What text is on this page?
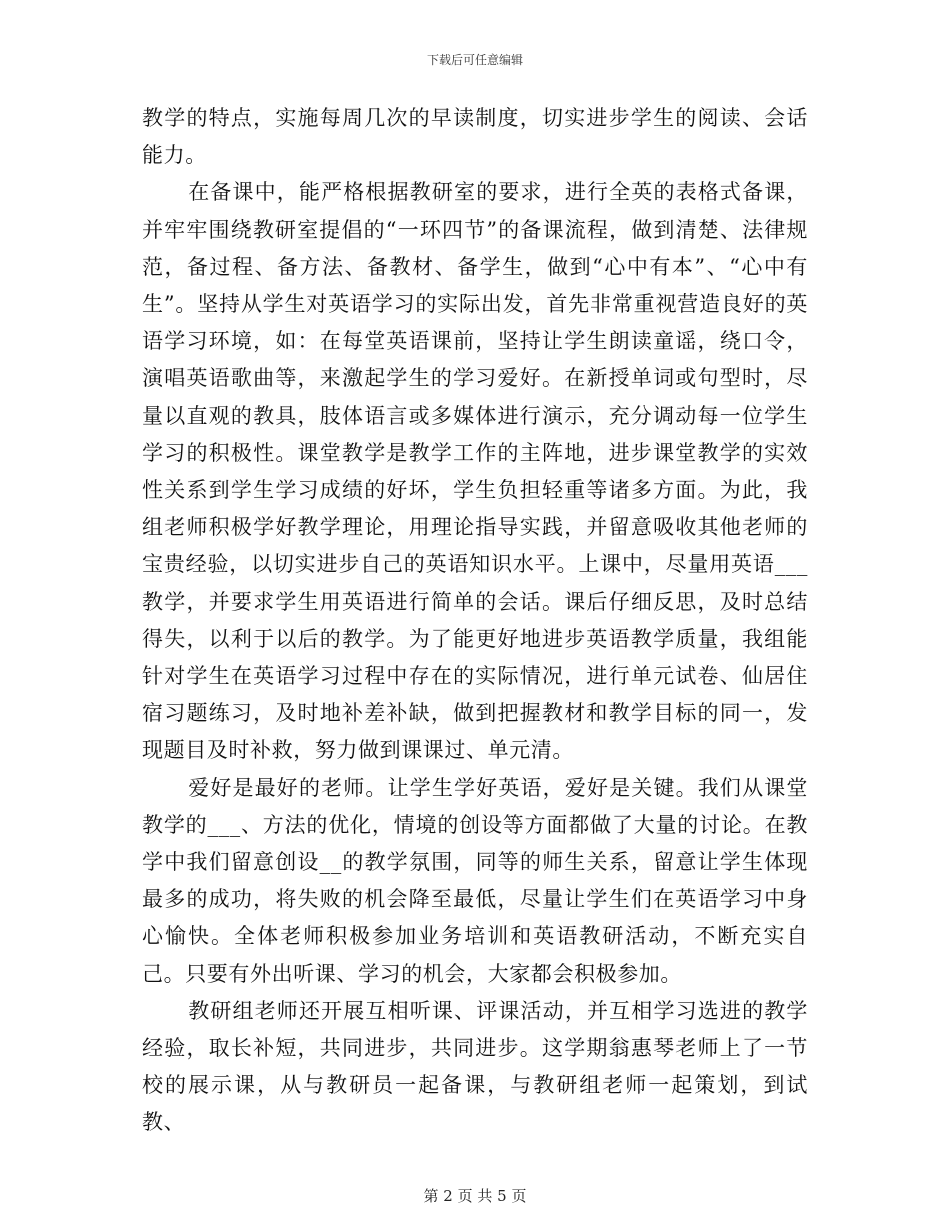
下载后可任意编辑

教学的特点，实施每周几次的早读制度，切实进步学生的阅读、会话能力。

在备课中，能严格根据教研室的要求，进行全英的表格式备课，并牢牢围绕教研室提倡的“一环四节”的备课流程，做到清楚、法律规范，备过程、备方法、备教材、备学生，做到“心中有本”、“心中有生”。坚持从学生对英语学习的实际出发，首先非常重视营造良好的英语学习环境，如：在每堂英语课前，坚持让学生朗读童谣，绕口令，演唱英语歌曲等，来激起学生的学习爱好。在新授单词或句型时，尽量以直观的教具，肢体语言或多媒体进行演示，充分调动每一位学生学习的积极性。课堂教学是教学工作的主阵地，进步课堂教学的实效性关系到学生学习成绩的好坏，学生负担轻重等诸多方面。为此，我组老师积极学好教学理论，用理论指导实践，并留意吸收其他老师的宝贵经验，以切实进步自己的英语知识水平。上课中，尽量用英语___教学，并要求学生用英语进行简单的会话。课后仔细反思，及时总结得失，以利于以后的教学。为了能更好地进步英语教学质量，我组能针对学生在英语学习过程中存在的实际情况，进行单元试卷、仙居住宿习题练习，及时地补差补缺，做到把握教材和教学目标的同一，发现题目及时补救，努力做到课课过、单元清。

爱好是最好的老师。让学生学好英语，爱好是关键。我们从课堂教学的___、方法的优化，情境的创设等方面都做了大量的讨论。在教学中我们留意创设__的教学氛围，同等的师生关系，留意让学生体现最多的成功，将失败的机会降至最低，尽量让学生们在英语学习中身心愉快。全体老师积极参加业务培训和英语教研活动，不断充实自己。只要有外出听课、学习的机会，大家都会积极参加。

教研组老师还开展互相听课、评课活动，并互相学习选进的教学经验，取长补短，共同进步，共同进步。这学期翁惠琴老师上了一节校的展示课，从与教研员一起备课，与教研组老师一起策划，到试教、

第 2 页 共 5 页
